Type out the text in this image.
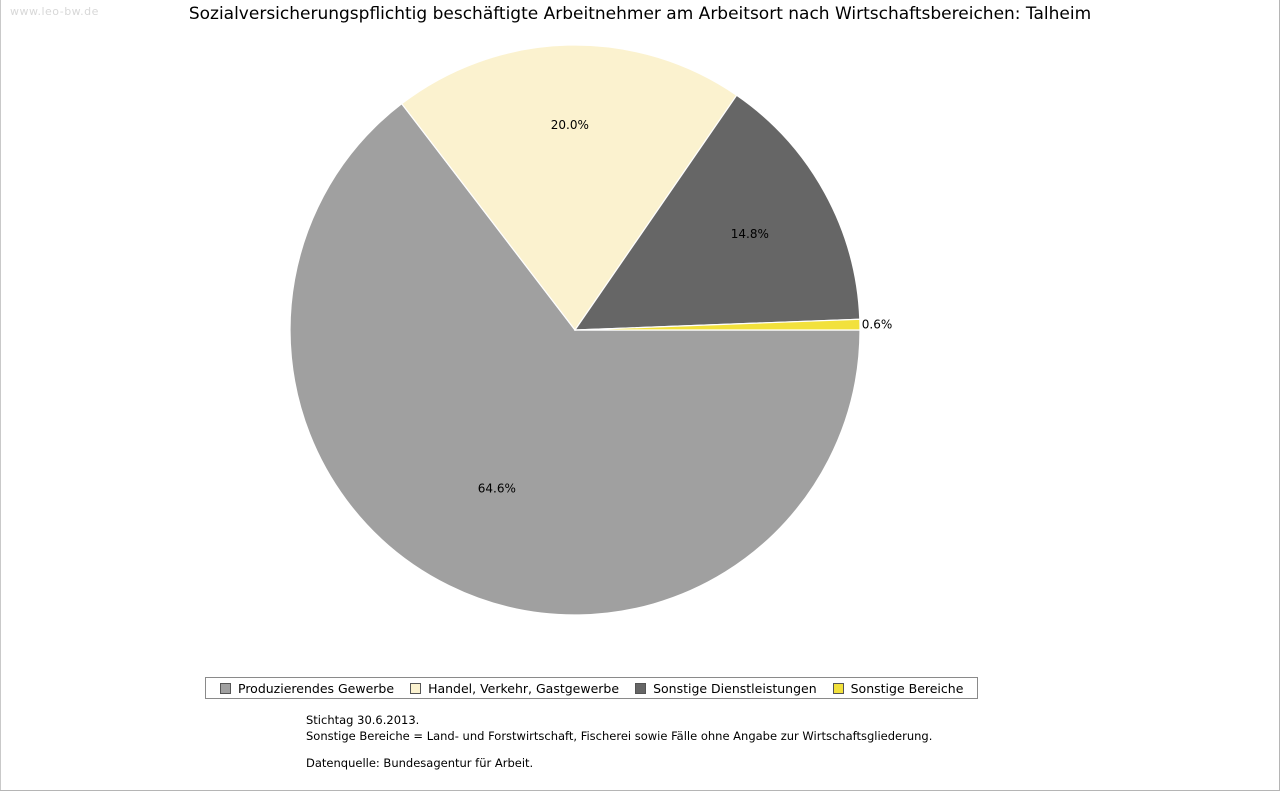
www.leo-bw.de	Sozialversicherungspflichtig beschäftigte Arbeitnehmer am Arbeitsort nach Wirtschaftsbereichen: Talheim
64.6%
20.0%
14.8%
0.6%
Produzierendes Gewerbe	Handel, Verkehr, Gastgewerbe	Sonstige Dienstleistungen	Sonstige Bereiche
Stichtag 30.6.2013.
Sonstige Bereiche = Land- und Forstwirtschaft, Fischerei sowie Fälle ohne Angabe zur Wirtschaftsgliederung.
Datenquelle: Bundesagentur für Arbeit.
